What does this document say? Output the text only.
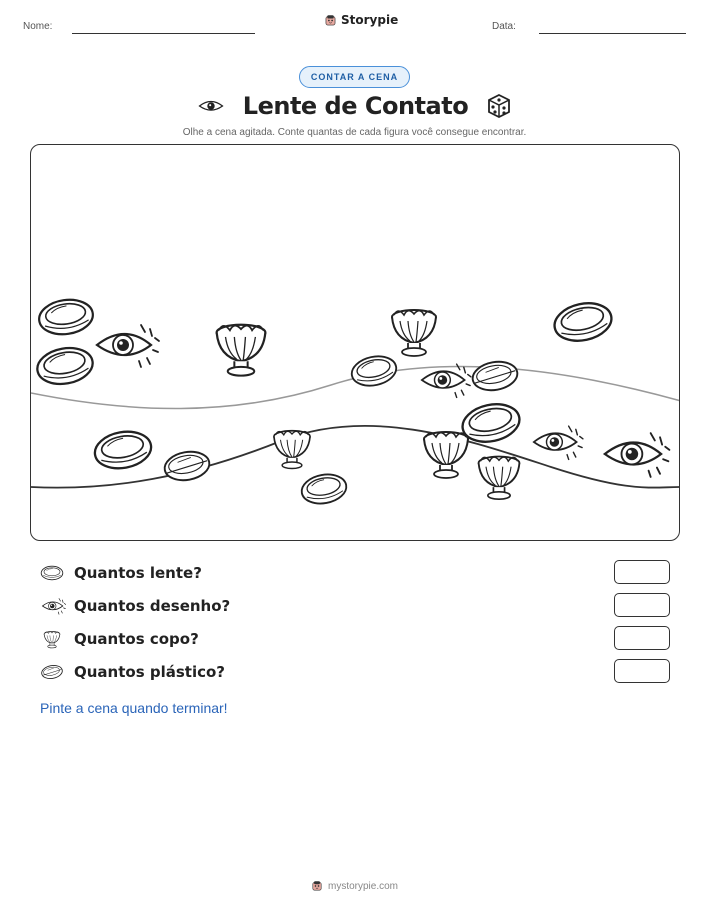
Nome:	Storypie	Data:
CONTAR A CENA
Lente de Contato
Olhe a cena agitada. Conte quantas de cada figura você consegue encontrar.
Quantos lente?
Quantos desenho?
Quantos copo?
Quantos plástico?
Pinte a cena quando terminar!
mystorypie.com
